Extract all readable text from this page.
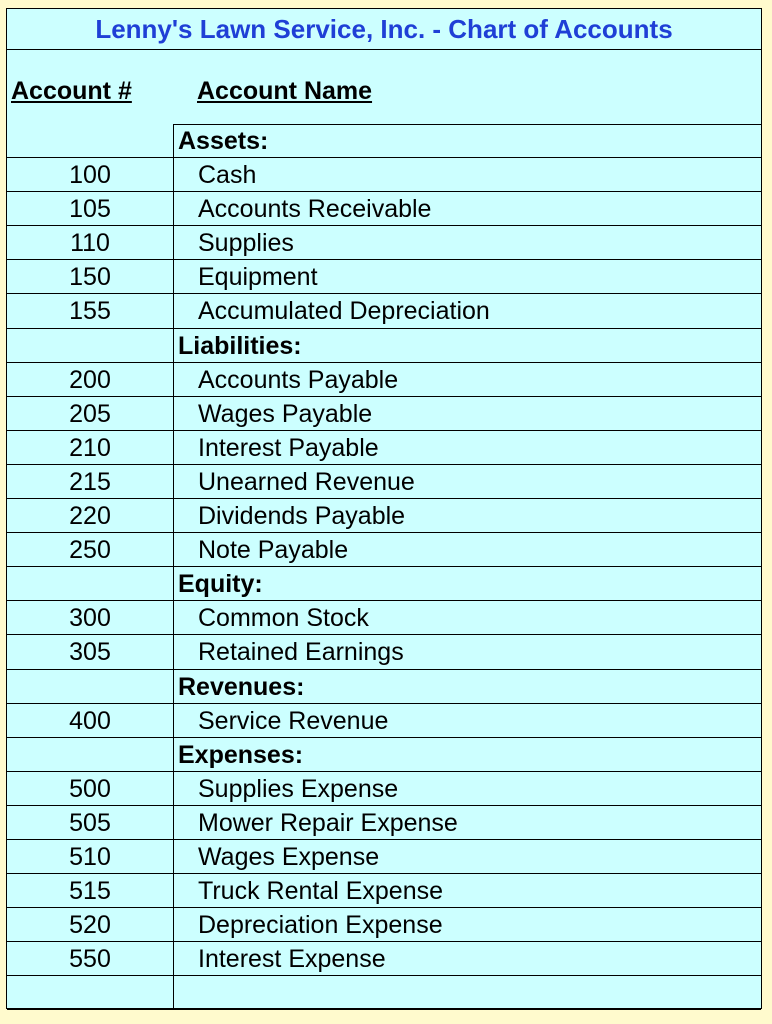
Lenny's Lawn Service, Inc. - Chart of Accounts
Account #	Account Name
Assets:
100	Cash
105	Accounts Receivable
110	Supplies
150	Equipment
155	Accumulated Depreciation
Liabilities:
200	Accounts Payable
205	Wages Payable
210	Interest Payable
215	Unearned Revenue
220	Dividends Payable
250	Note Payable
Equity:
300	Common Stock
305	Retained Earnings
Revenues:
400	Service Revenue
Expenses:
500	Supplies Expense
505	Mower Repair Expense
510	Wages Expense
515	Truck Rental Expense
520	Depreciation Expense
550	Interest Expense
